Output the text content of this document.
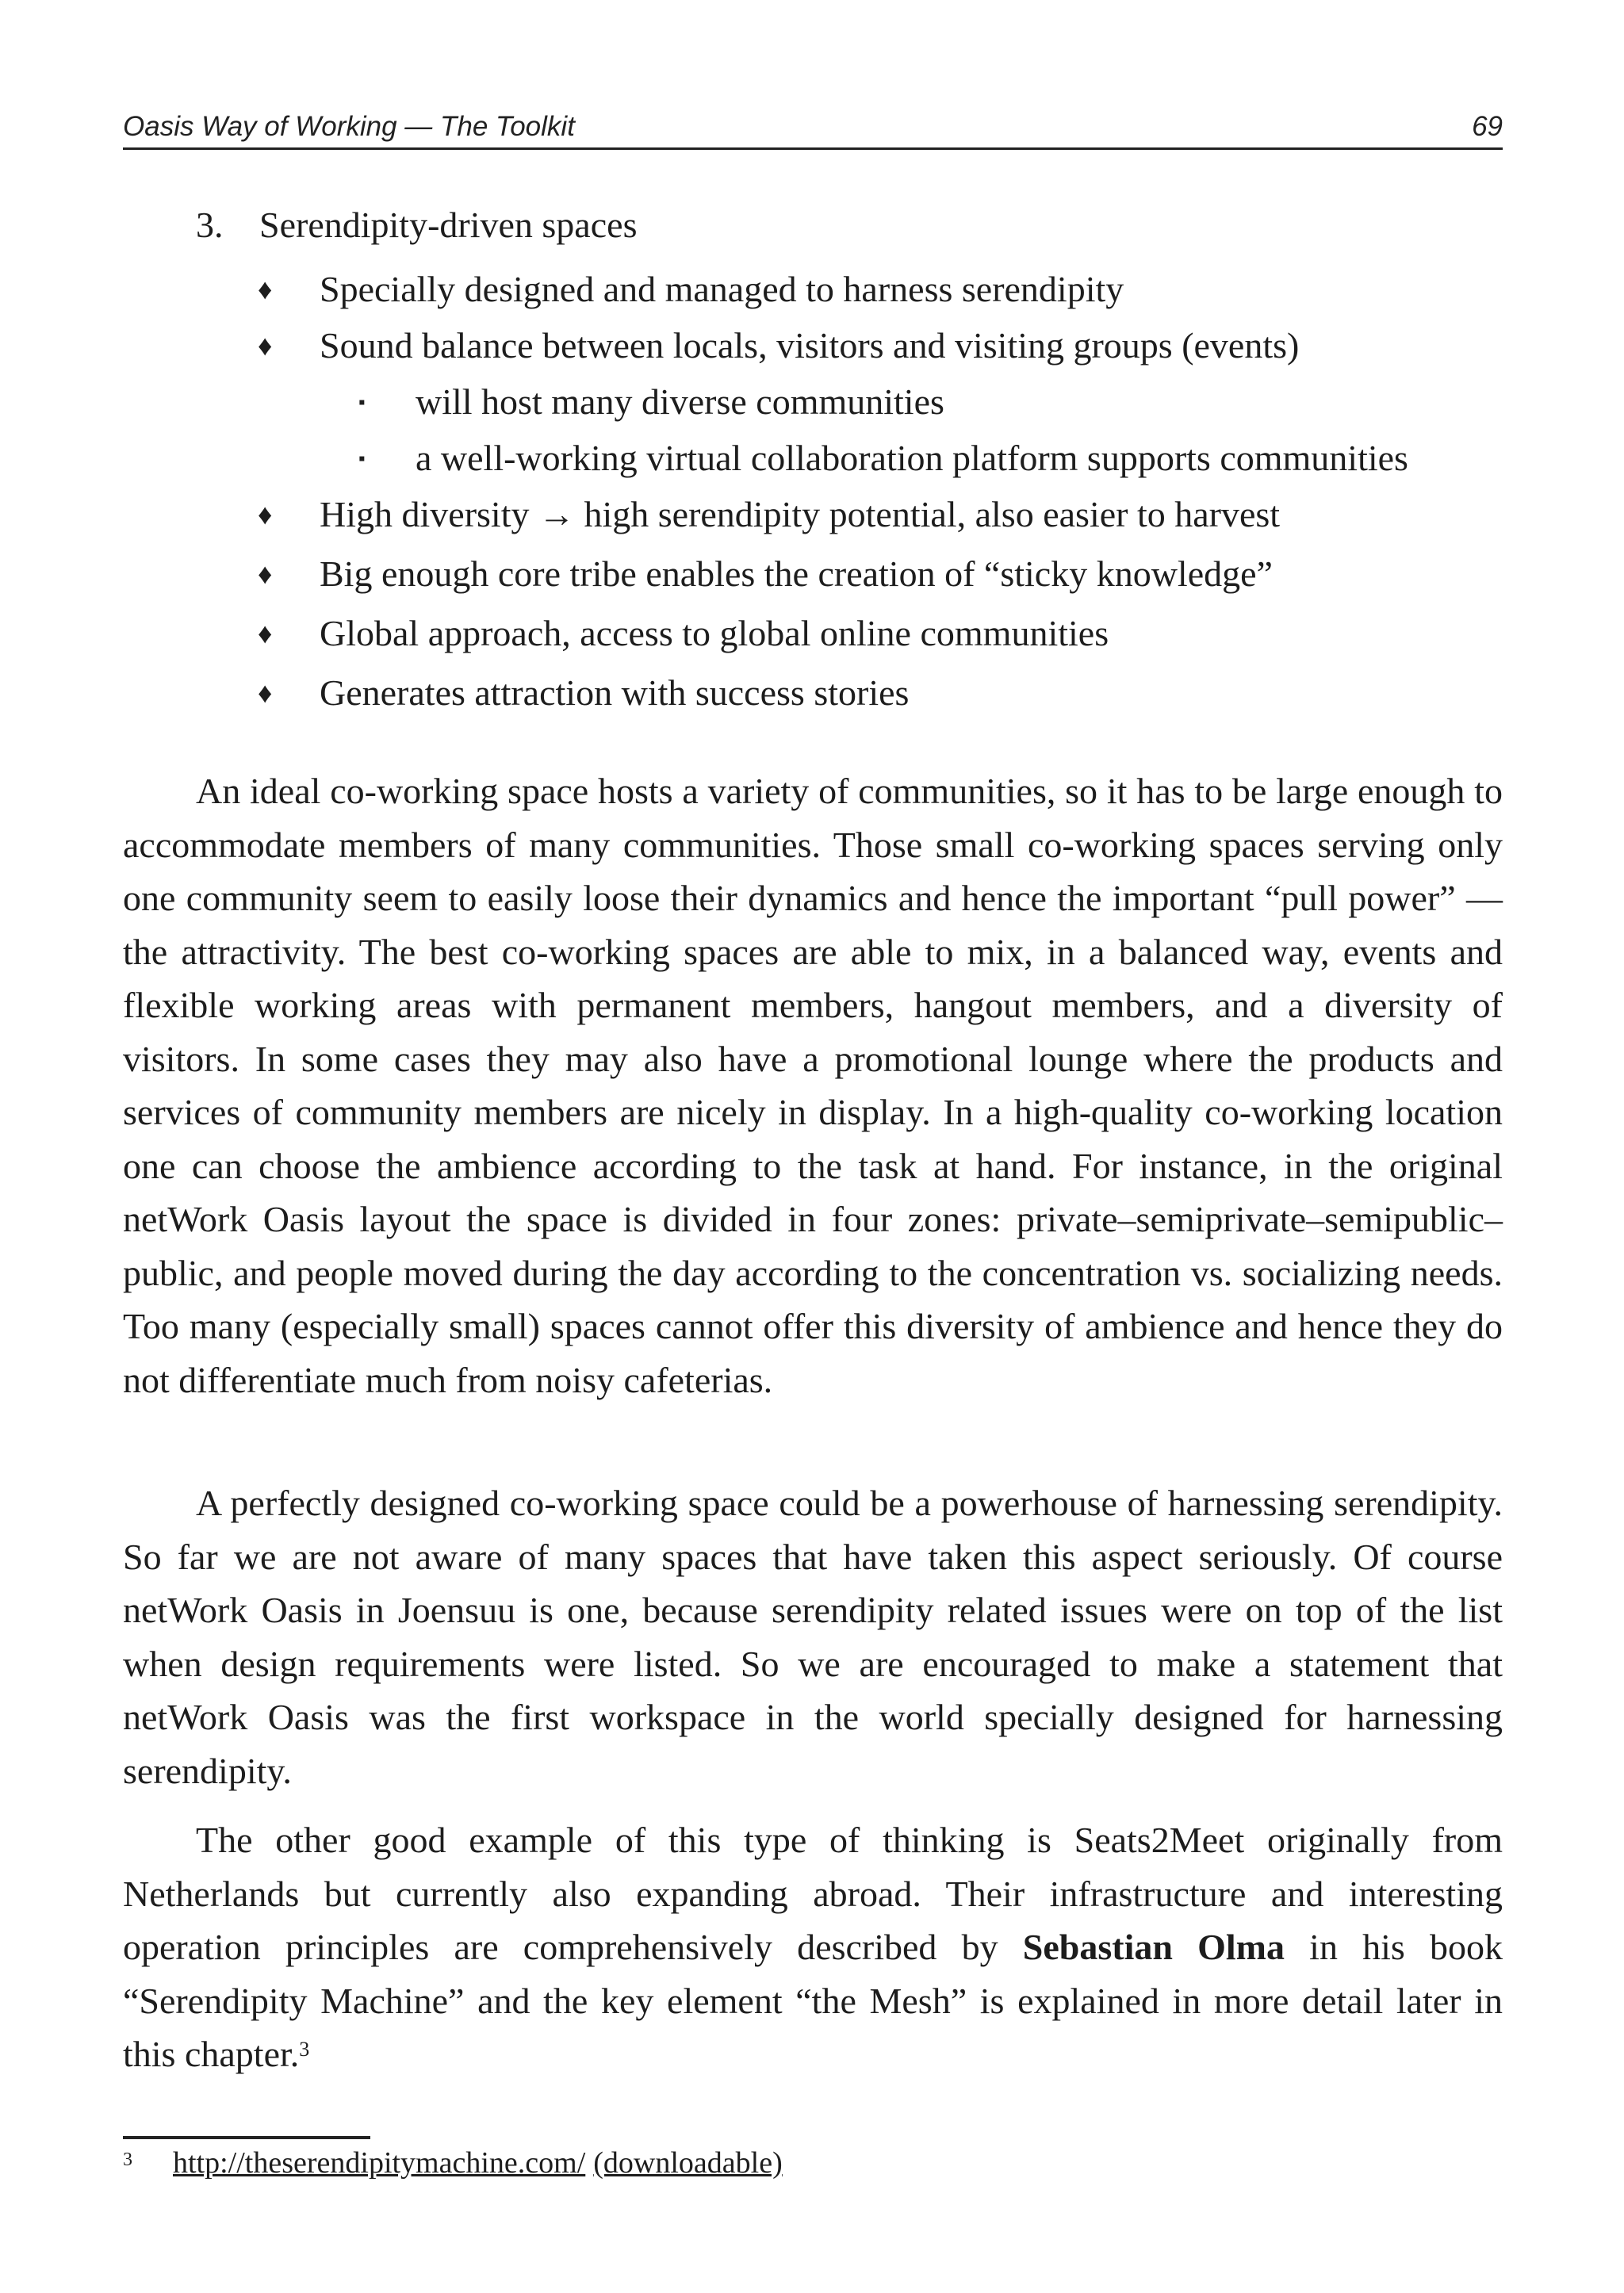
Oasis Way of Working — The Toolkit	69
3. Serendipity-driven spaces
♦ Specially designed and managed to harness serendipity
♦ Sound balance between locals, visitors and visiting groups (events)
▪ will host many diverse communities
▪ a well-working virtual collaboration platform supports communities
♦ High diversity → high serendipity potential, also easier to harvest
♦ Big enough core tribe enables the creation of “sticky knowledge”
♦ Global approach, access to global online communities
♦ Generates attraction with success stories

An ideal co-working space hosts a variety of communities, so it has to be large enough to accommodate members of many communities. Those small co-working spaces serving only one community seem to easily loose their dynamics and hence the important “pull power” — the attractivity. The best co-working spaces are able to mix, in a balanced way, events and flexible working areas with permanent members, hangout members, and a diversity of visitors. In some cases they may also have a promotional lounge where the products and services of community members are nicely in display. In a high-quality co-working location one can choose the ambience according to the task at hand. For instance, in the original netWork Oasis layout the space is divided in four zones: private–semiprivate–semipublic–public, and people moved during the day according to the concentration vs. socializing needs. Too many (especially small) spaces cannot offer this diversity of ambience and hence they do not differentiate much from noisy cafeterias.

A perfectly designed co-working space could be a powerhouse of harnessing serendipity. So far we are not aware of many spaces that have taken this aspect seriously. Of course netWork Oasis in Joensuu is one, because serendipity related issues were on top of the list when design requirements were listed. So we are encouraged to make a statement that netWork Oasis was the first workspace in the world specially designed for harnessing serendipity.

The other good example of this type of thinking is Seats2Meet originally from Netherlands but currently also expanding abroad. Their infrastructure and interesting operation principles are comprehensively described by Sebastian Olma in his book “Serendipity Machine” and the key element “the Mesh” is explained in more detail later in this chapter.$^3$

3 http://theserendipitymachine.com/ (downloadable)
